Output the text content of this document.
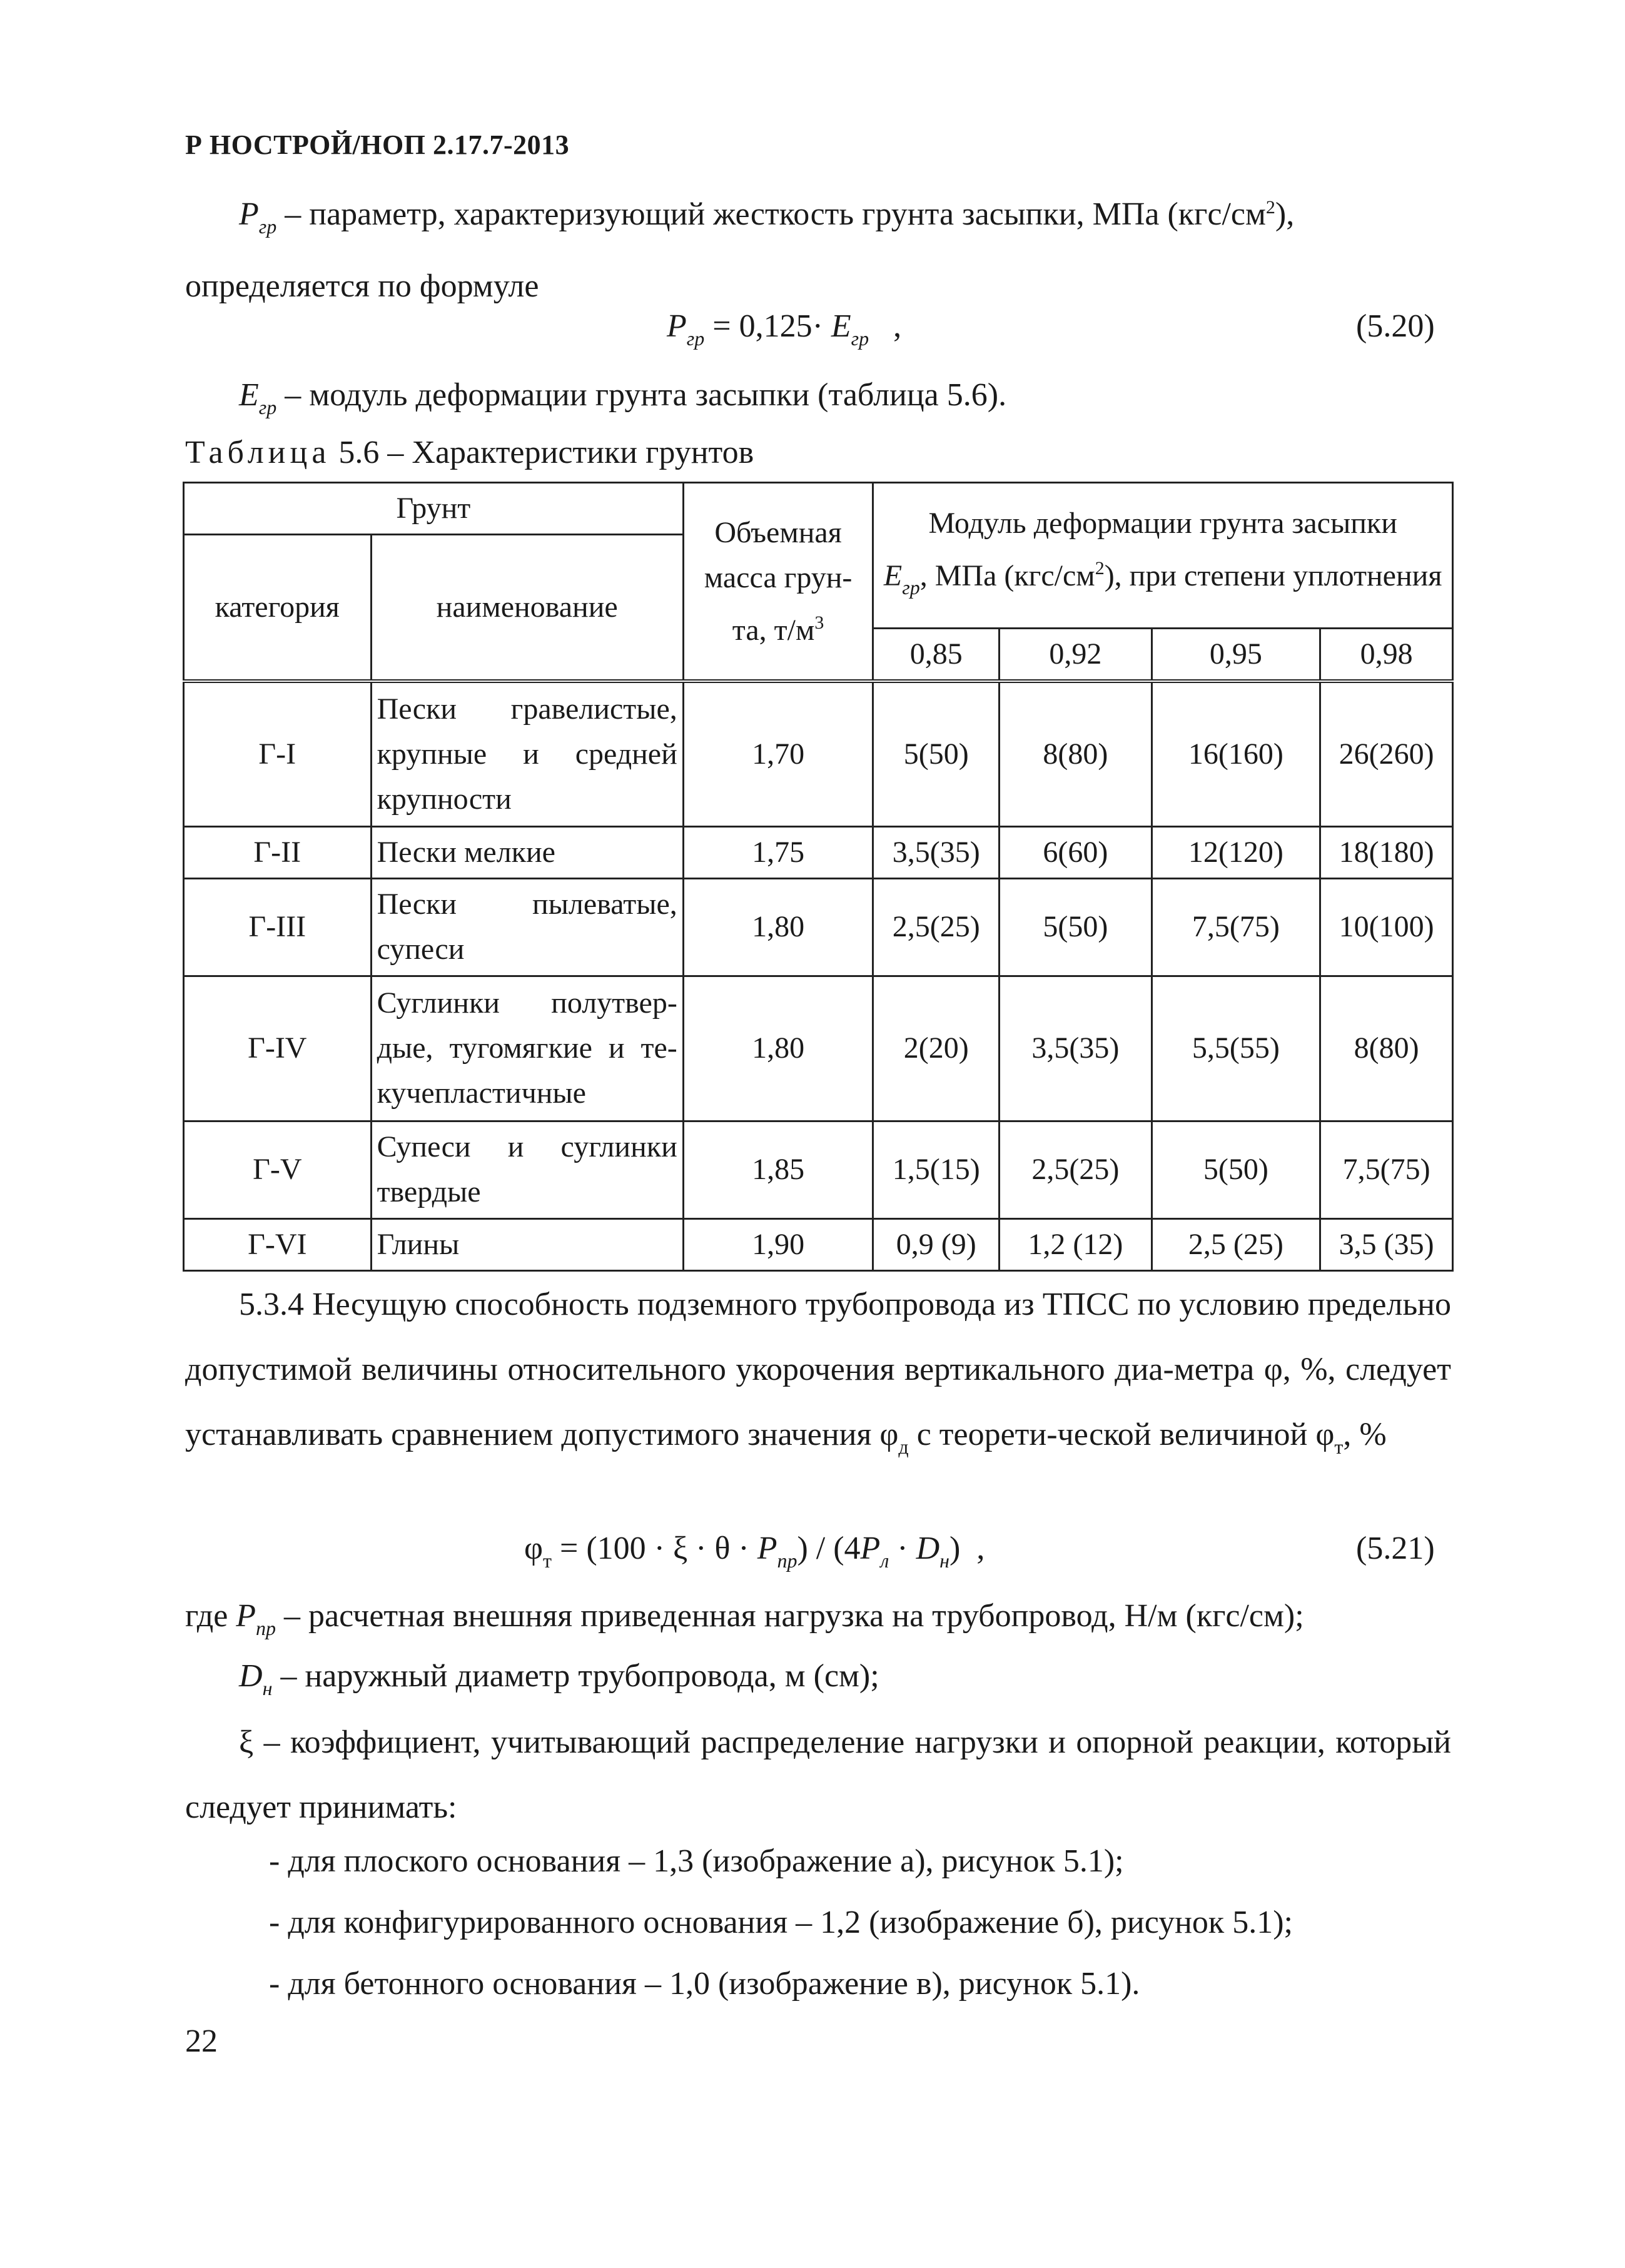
Р НОСТРОЙ/НОП 2.17.7-2013
$P_{гр}$ – параметр, характеризующий жесткость грунта засыпки, МПа $(кгс/см^2)$,
определяется по формуле
$P_{гр} = 0,125\cdot E_{гр}$   ,	(5.20)
$E_{гр}$ – модуль деформации грунта засыпки (таблица 5.6).
Таблица 5.6 – Характеристики грунтов
Грунт		Объемная масса грун-та, $т/м^3$	Модуль деформации грунта засыпки
$E_{гр}$, МПа $(кгс/см^2)$, при степени уплотнения			
категория	наименование					
			0,85	0,92	0,95	0,98
Г-I	Пески гравелистые, крупные и средней крупности	1,70	5(50)	8(80)	16(160)	26(260)
Г-II	Пески мелкие	1,75	3,5(35)	6(60)	12(120)	18(180)
Г-III	Пески пылеватые, супеси	1,80	2,5(25)	5(50)	7,5(75)	10(100)
Г-IV	Суглинки полутвер-дые, тугомягкие и те-кучепластичные	1,80	2(20)	3,5(35)	5,5(55)	8(80)
Г-V	Супеси и суглинки твердые	1,85	1,5(15)	2,5(25)	5(50)	7,5(75)
Г-VI	Глины	1,90	0,9 (9)	1,2 (12)	2,5 (25)	3,5 (35)
5.3.4 Несущую способность подземного трубопровода из ТПСС по условию предельно допустимой величины относительного укорочения вертикального диа-метра φ, %, следует устанавливать сравнением допустимого значения $\varphi_д$ с теорети-ческой величиной $\varphi_т$, %
$\varphi_т = (100 \cdot \xi \cdot \theta \cdot P_{пр}) / (4P_л \cdot D_н)$  ,	(5.21)
где $P_{пр}$ – расчетная внешняя приведенная нагрузка на трубопровод, Н/м (кгс/см);
$D_н$ – наружный диаметр трубопровода, м (см);
ξ – коэффициент, учитывающий распределение нагрузки и опорной реакции, который следует принимать:
- для плоского основания – 1,3 (изображение а), рисунок 5.1);
- для конфигурированного основания – 1,2 (изображение б), рисунок 5.1);
- для бетонного основания – 1,0 (изображение в), рисунок 5.1).
22
